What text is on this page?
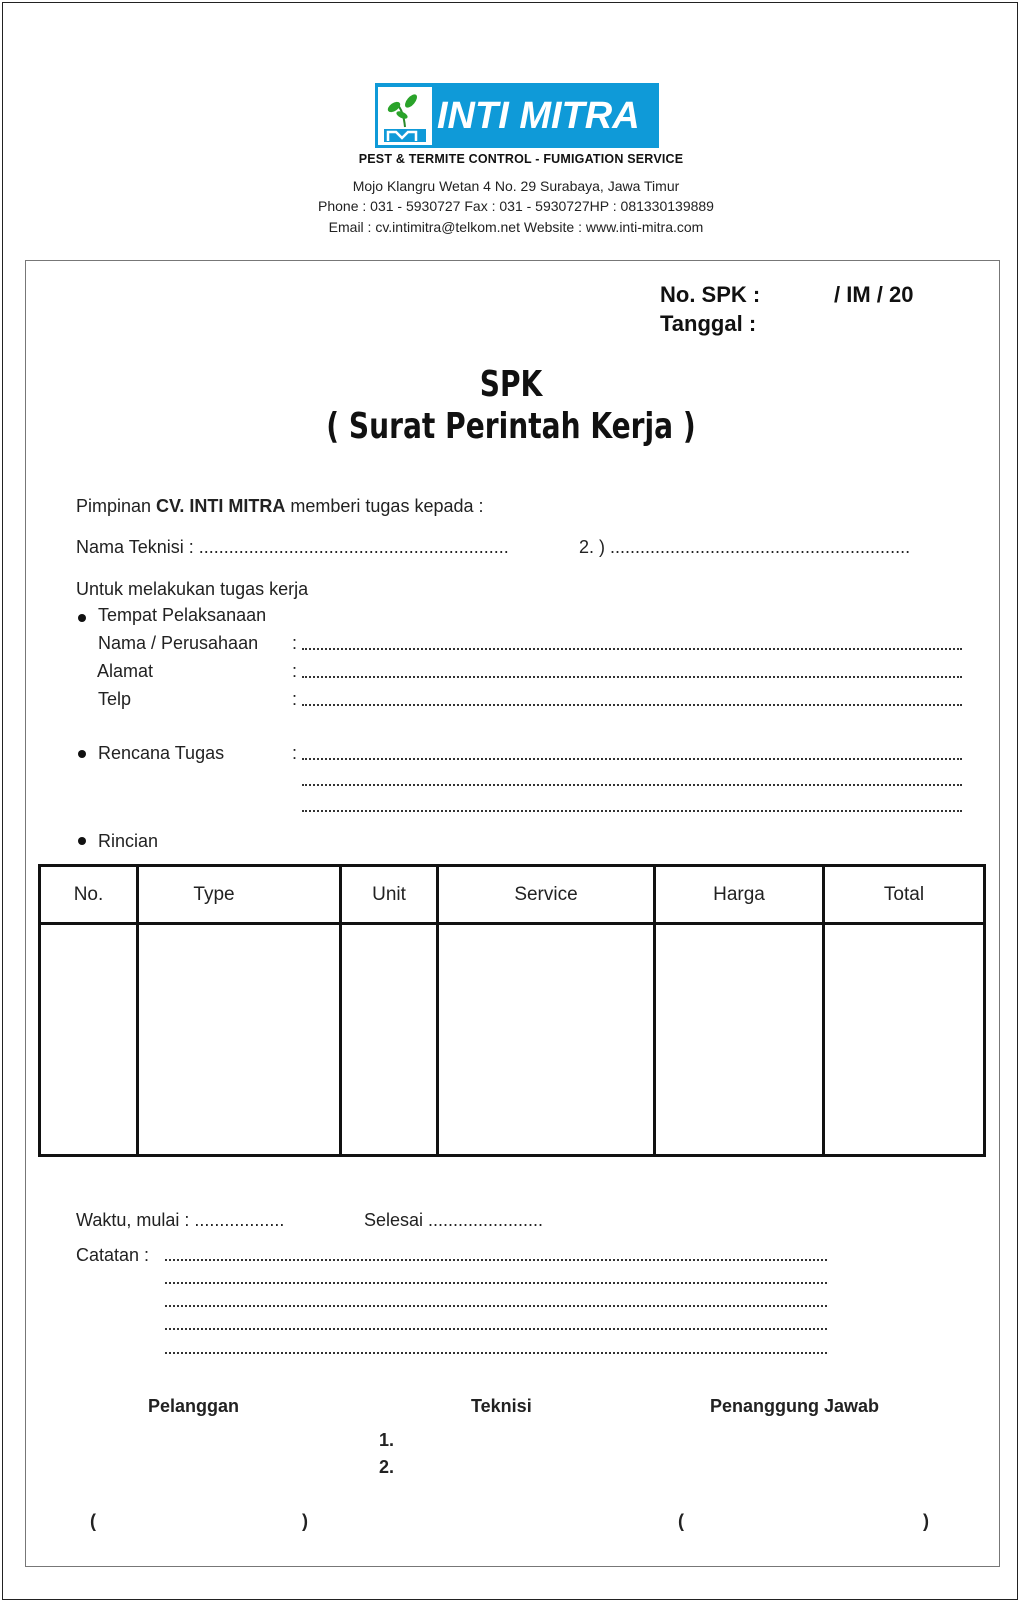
INTI MITRA
PEST & TERMITE CONTROL - FUMIGATION SERVICE
Mojo Klangru Wetan 4 No. 29 Surabaya, Jawa Timur
Phone : 031 - 5930727 Fax : 031 - 5930727HP : 081330139889
Email : cv.intimitra@telkom.net Website : www.inti-mitra.com
No. SPK :	/ IM / 20
Tanggal :
SPK
( Surat Perintah Kerja )
Pimpinan CV. INTI MITRA memberi tugas kepada :
Nama Teknisi : ..............................................................	2. ) ............................................................
Untuk melakukan tugas kerja
Tempat Pelaksanaan
Nama / Perusahaan :
Alamat	:
Telp	:
Rencana Tugas	:
Rincian
No.	Type	Unit	Service	Harga	Total
Waktu, mulai : ..................	Selesai .......................
Catatan :
Pelanggan	Teknisi	Penanggung Jawab
1.
2.
(	)	(	)
